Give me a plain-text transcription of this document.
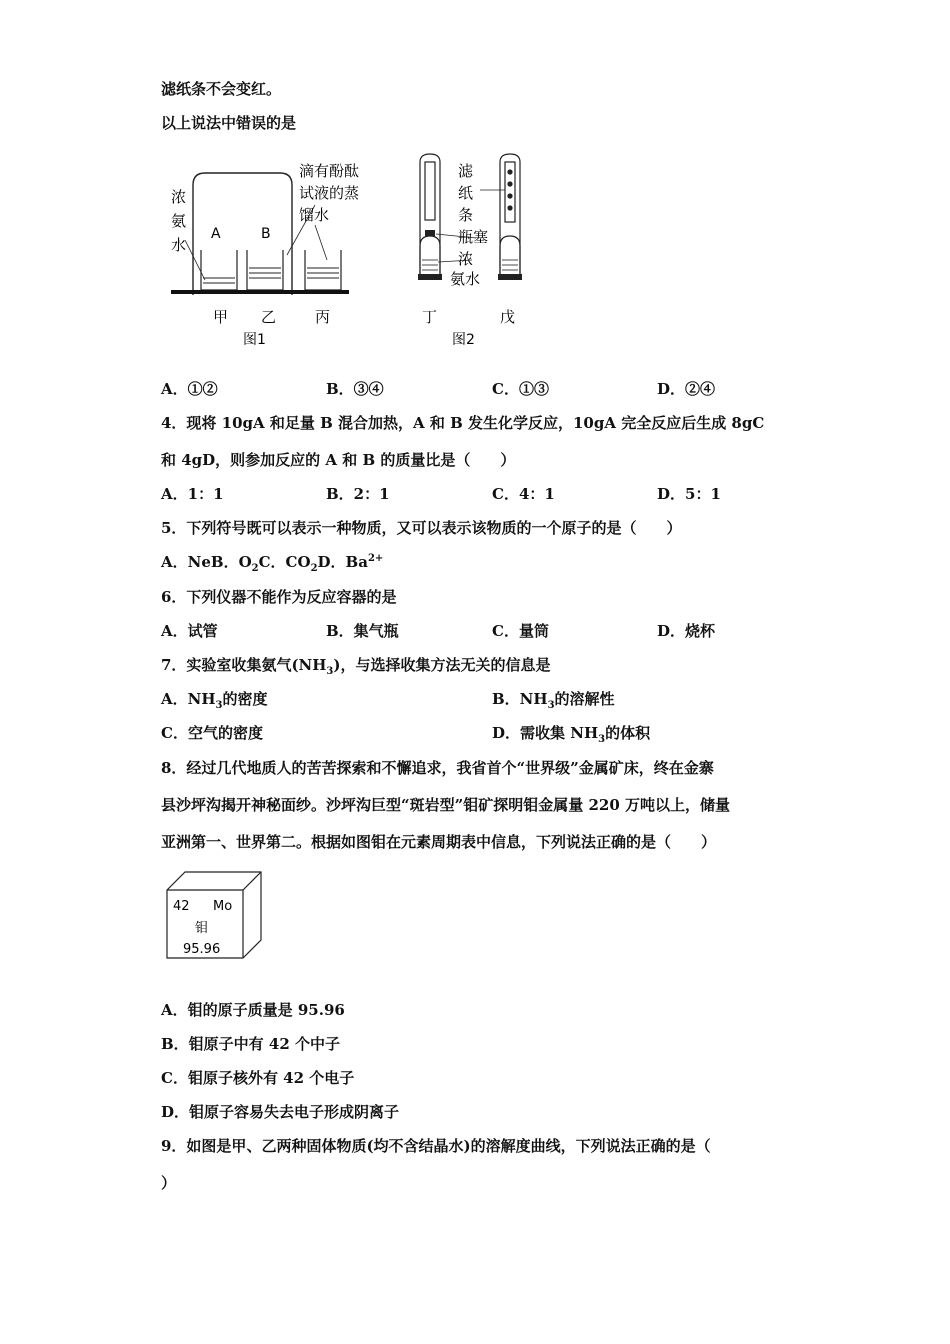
滤纸条不会变红。
以上说法中错误的是
浓
氨
水
A	B
滴有酚酞
试液的蒸
馏水
甲 乙	丙
图1
滤
纸
条
瓶塞
浓
氨水
丁	戊
图2
A．①②	B．③④	C．①③	D．②④
4．现将 10gA 和足量 B 混合加热，A 和 B 发生化学反应，10gA 完全反应后生成 8gC
和 4gD，则参加反应的 A 和 B 的质量比是（　　）
A．1：1	B．2：1	C．4：1	D．5：1
5．下列符号既可以表示一种物质，又可以表示该物质的一个原子的是（　　）
A．NeB．$O_2C$．$CO_2D$．$Ba^{2+}$
6．下列仪器不能作为反应容器的是
A．试管	B．集气瓶	C．量筒	D．烧杯
7．实验室收集氨气$(NH_3)$，与选择收集方法无关的信息是
A．$NH_3$的密度	B．$NH_3$的溶解性
C．空气的密度	D．需收集 $NH_3$的体积
8．经过几代地质人的苦苦探索和不懈追求，我省首个“世界级”金属矿床，终在金寨
县沙坪沟揭开神秘面纱。沙坪沟巨型“斑岩型”钼矿探明钼金属量 220 万吨以上，储量
亚洲第一、世界第二。根据如图钼在元素周期表中信息，下列说法正确的是（　　）
42 Mo
钼
95.96
A．钼的原子质量是 95.96
B．钼原子中有 42 个中子
C．钼原子核外有 42 个电子
D．钼原子容易失去电子形成阴离子
9．如图是甲、乙两种固体物质(均不含结晶水)的溶解度曲线，下列说法正确的是（
）
